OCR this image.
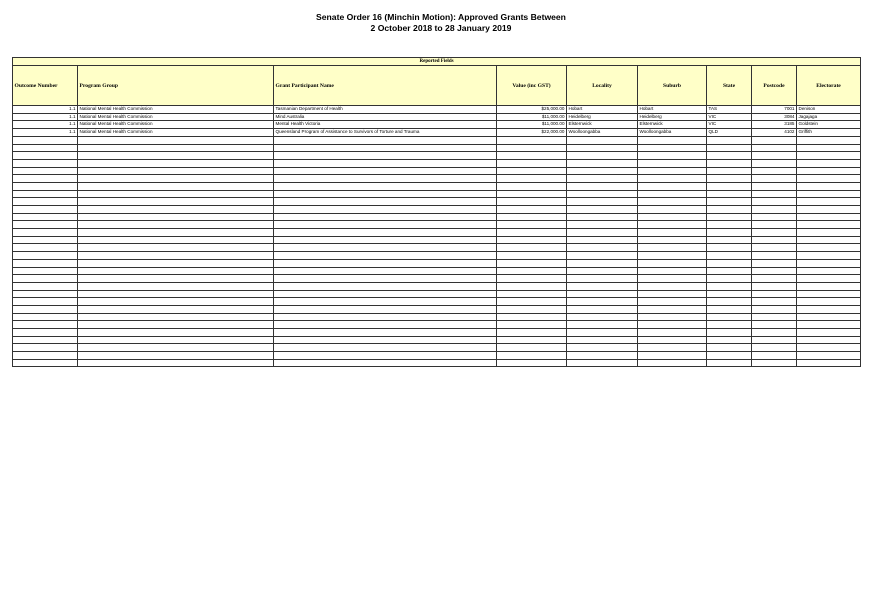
Senate Order 16 (Minchin Motion): Approved Grants Between
2 October 2018 to 28 January 2019
Reported Fields								
Outcome Number	Program Group	Grant Participant Name	Value (inc GST)	Locality	Suburb	State	Postcode	Electorate
1.1	National Mental Health Commission	Tasmanian Department of Health	$25,000.00	Hobart	Hobart	TAS	7001	Denison
1.1	National Mental Health Commission	Mind Australia	$11,000.00	Heidelberg	Heidelberg	VIC	3084	Jagajaga
1.1	National Mental Health Commission	Mental Health Victoria	$11,000.00	Elsternwick	Elsternwick	VIC	3185	Goldstein
1.1	National Mental Health Commission	Queensland Program of Assistance to Survivors of Torture and Trauma	$22,000.00	Woolloongabba	Woolloongabba	QLD	4102	Griffith
